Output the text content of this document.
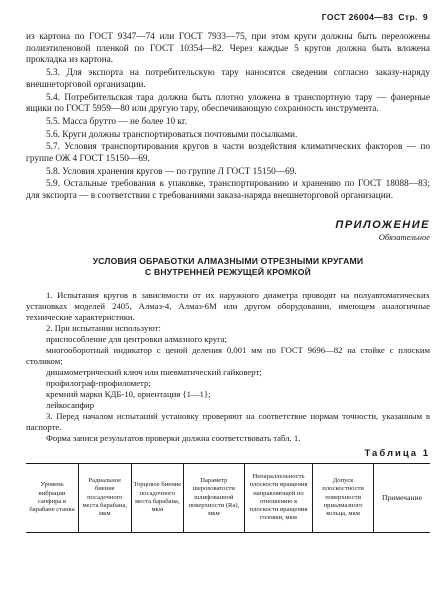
ГОСТ 26004—83 Стр. 9

из картона по ГОСТ 9347—74 или ГОСТ 7933—75, при этом круги должны быть переложены полиэтиленовой пленкой по ГОСТ 10354—82. Через каждые 5 кругов должна быть вложена прокладка из картона.

5.3. Для экспорта на потребительскую тару наносятся сведения согласно заказу-наряду внешнеторговой организации.

5.4. Потребительская тара должна быть плотно уложена в транспортную тару — фанерные ящики по ГОСТ 5959—80 или другую тару, обеспечивающую сохранность инструмента.

5.5. Масса брутто — не более 10 кг.

5.6. Круги должны транспортироваться почтовыми посылками.

5.7. Условия транспортирования кругов в части воздействия климатических факторов — по группе ОЖ 4 ГОСТ 15150—69.

5.8. Условия хранения кругов — по группе Л ГОСТ 15150—69.

5.9. Остальные требования к упаковке, транспортированию и хранению по ГОСТ 18088—83; для экспорта — в соответствии с требованиями заказа-наряда внешнеторговой организации.

ПРИЛОЖЕНИЕ
Обязательное
УСЛОВИЯ ОБРАБОТКИ АЛМАЗНЫМИ ОТРЕЗНЫМИ КРУГАМИ
С ВНУТРЕННЕЙ РЕЖУЩЕЙ КРОМКОЙ

1. Испытания кругов в зависимости от их наружного диаметра проводят на полуавтоматических установках моделей 2405, Алмаз-4, Алмаз-6М или другом оборудовании, имеющем аналогичные технические характеристики.

2. При испытании используют:

приспособление для центровки алмазного круга;

многооборотный индикатор с ценой деления 0,001 мм по ГОСТ 9696—82 на стойке с плоским столиком;

динамометрический ключ или пневматический гайковерт;

профилограф-профилометр;

кремний марки КДБ-10, ориентация {1—1};

лейкосапфир

3. Перед началом испытаний установку проверяют на соответствие нормам точности, указанным в паспорте.

Форма записи результатов проверки должна соответствовать табл. 1.

Таблица 1
Уровень вибрации сапфира в барабане станка	Радиальное биение посадочного места барабана, мкм	Торцовое биение посадочного места барабана, мкм	Параметр шероховатости шлифованной поверхности (Ra), мкм	Непараллельность плоскости вращения направляющей по отношению к плоскости вращения головки, мкм	Допуск плоскостности поверхности приалмазного кольца, мкм	Примечание
